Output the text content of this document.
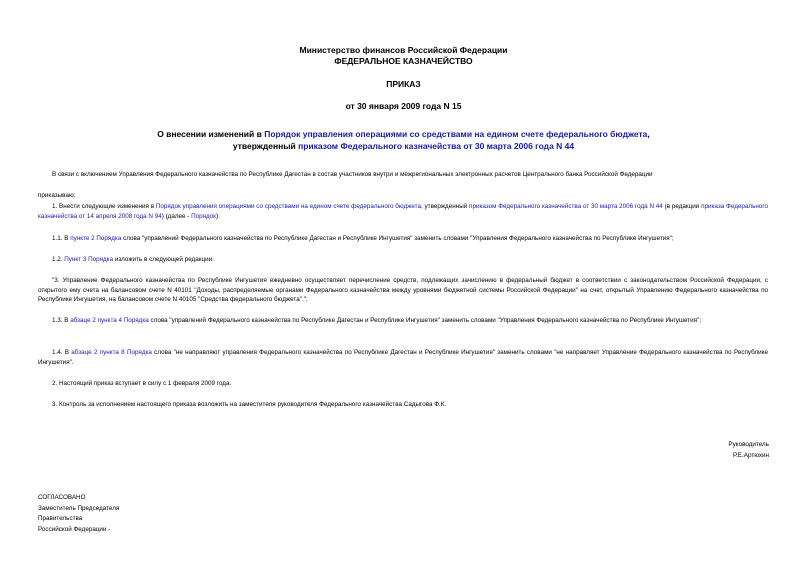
Министерство финансов Российской Федерации
ФЕДЕРАЛЬНОЕ КАЗНАЧЕЙСТВО
ПРИКАЗ
от 30 января 2009 года N 15
О внесении изменений в Порядок управления операциями со средствами на едином счете федерального бюджета,
утвержденный приказом Федерального казначейства от 30 марта 2006 года N 44
В связи с включением Управления Федерального казначейства по Республике Дагестан в состав участников внутри и межрегиональных электронных расчетов Центрального банка Российской Федерации
приказываю:
1. Внести следующие изменения в Порядок управления операциями со средствами на едином счете федерального бюджета, утвержденный приказом Федерального казначейства от 30 марта 2006 года N 44 (в редакции приказа Федерального казначейства от 14 апреля 2008 года N 94) (далее - Порядок):
1.1. В пункте 2 Порядка слова "управлений Федерального казначейства по Республике Дагестан и Республике Ингушетия" заменить словами "Управления Федерального казначейства по Республике Ингушетия";
1.2. Пункт 3 Порядка изложить в следующей редакции:
"3. Управление Федерального казначейства по Республике Ингушетия ежедневно осуществляет перечисление средств, подлежащих зачислению в федеральный бюджет в соответствии с законодательством Российской Федерации, с открытого ему счета на балансовом счете N 40101 "Доходы, распределяемые органами Федерального казначейства между уровнями бюджетной системы Российской Федерации" на счет, открытый Управлению Федерального казначейства по Республике Ингушетия, на балансовом счете N 40105 "Средства федерального бюджета".";
1.3. В абзаце 2 пункта 4 Порядка слова "управлений Федерального казначейства по Республике Дагестан и Республике Ингушетия" заменить словами "Управления Федерального казначейства по Республике Ингушетия";
1.4. В абзаце 2 пункта 8 Порядка слова "не направляют управления Федерального казначейства по Республике Дагестан и Республике Ингушетия" заменить словами "не направляет Управление Федерального казначейства по Республике Ингушетия".
2. Настоящий приказ вступает в силу с 1 февраля 2009 года.
3. Контроль за исполнением настоящего приказа возложить на заместителя руководителя Федерального казначейства Садыгова Ф.К.
Руководитель
Р.Е.Артюхин
СОГЛАСОВАНО
Заместитель Председателя
Правительства
Российской Федерации -
